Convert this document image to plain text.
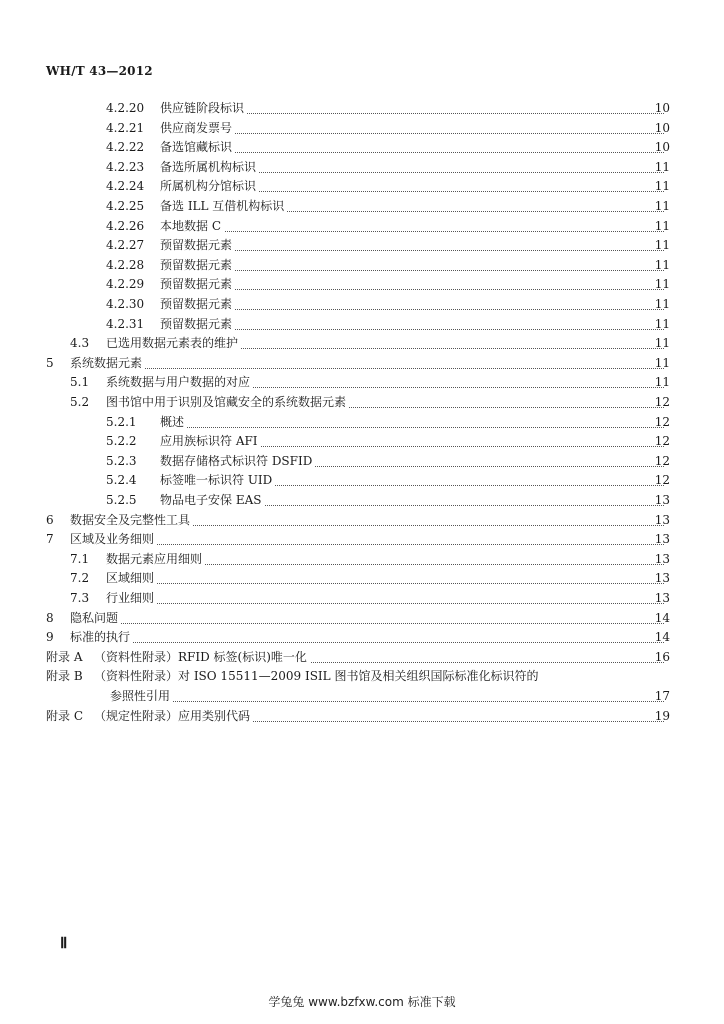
WH/T 43—2012
4.2.20 供应链阶段标识	10
4.2.21 供应商发票号	10
4.2.22 备选馆藏标识	10
4.2.23 备选所属机构标识	11
4.2.24 所属机构分馆标识	11
4.2.25 备选 ILL 互借机构标识	11
4.2.26 本地数据 C	11
4.2.27 预留数据元素	11
4.2.28 预留数据元素	11
4.2.29 预留数据元素	11
4.2.30 预留数据元素	11
4.2.31 预留数据元素	11
4.3 已选用数据元素表的维护	11
5 系统数据元素	11
5.1 系统数据与用户数据的对应	11
5.2 图书馆中用于识别及馆藏安全的系统数据元素	12
5.2.1 概述	12
5.2.2 应用族标识符 AFI	12
5.2.3 数据存储格式标识符 DSFID	12
5.2.4 标签唯一标识符 UID	12
5.2.5 物品电子安保 EAS	13
6 数据安全及完整性工具	13
7 区域及业务细则	13
7.1 数据元素应用细则	13
7.2 区域细则	13
7.3 行业细则	13
8 隐私问题	14
9 标准的执行	14
附录 A （资料性附录）RFID 标签(标识)唯一化	16
附录 B （资料性附录）对 ISO 15511—2009 ISIL 图书馆及相关组织国际标准化标识符的
参照性引用	17
附录 C （规定性附录）应用类别代码	19
Ⅱ
学兔兔 www.bzfxw.com 标准下载
